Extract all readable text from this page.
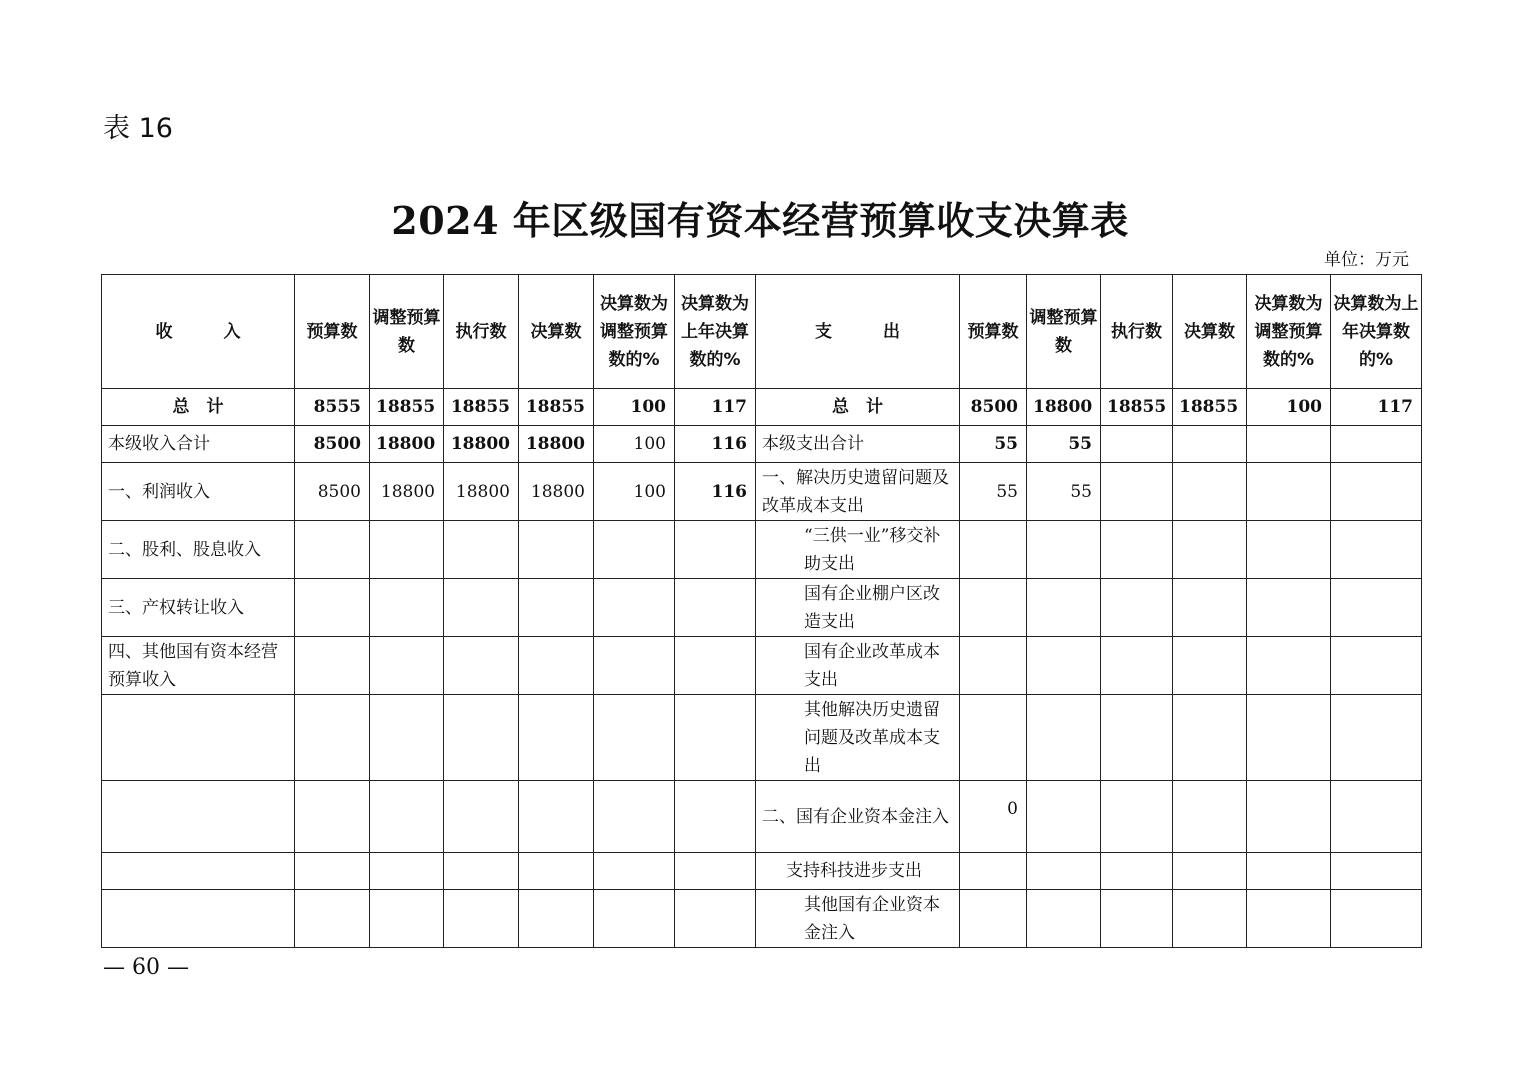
表 16
2024 年区级国有资本经营预算收支决算表
单位：万元
收　　　入	预算数	调整预算数	执行数	决算数	决算数为调整预算数的%	决算数为上年决算数的%	支　　　出	预算数	调整预算数	执行数	决算数	决算数为调整预算数的%	决算数为上年决算数的%
总　计	8555	18855	18855	18855	100	117	总　计	8500	18800	18855	18855	100	117
本级收入合计	8500	18800	18800	18800	100	116	本级支出合计	55	55				
一、利润收入	8500	18800	18800	18800	100	116	一、解决历史遗留问题及改革成本支出	55	55				
二、股利、股息收入							“三供一业”移交补助支出						
三、产权转让收入							国有企业棚户区改造支出						
四、其他国有资本经营预算收入							国有企业改革成本支出						
							其他解决历史遗留问题及改革成本支出						
							二、国有企业资本金注入	0					
							支持科技进步支出						
							其他国有企业资本金注入						
— 60 —
